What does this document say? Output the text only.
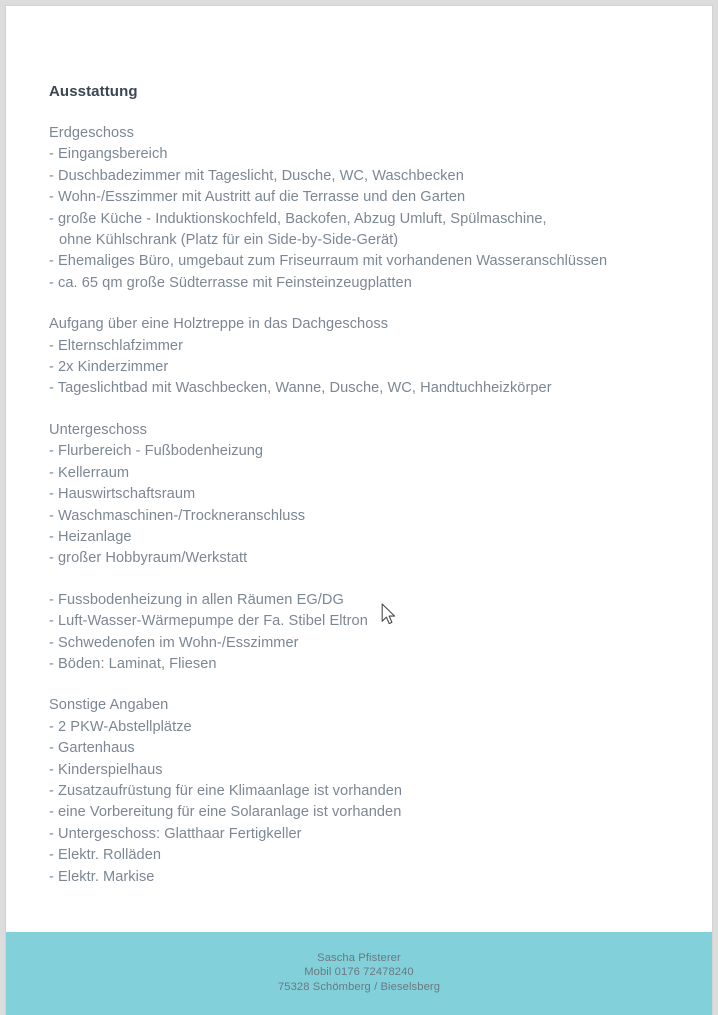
Ausstattung
Erdgeschoss
- Eingangsbereich
- Duschbadezimmer mit Tageslicht, Dusche, WC, Waschbecken
- Wohn-/Esszimmer mit Austritt auf die Terrasse und den Garten
- große Küche - Induktionskochfeld, Backofen, Abzug Umluft, Spülmaschine,
ohne Kühlschrank (Platz für ein Side-by-Side-Gerät)
- Ehemaliges Büro, umgebaut zum Friseurraum mit vorhandenen Wasseranschlüssen
- ca. 65 qm große Südterrasse mit Feinsteinzeugplatten
Aufgang über eine Holztreppe in das Dachgeschoss
- Elternschlafzimmer
- 2x Kinderzimmer
- Tageslichtbad mit Waschbecken, Wanne, Dusche, WC, Handtuchheizkörper
Untergeschoss
- Flurbereich - Fußbodenheizung
- Kellerraum
- Hauswirtschaftsraum
- Waschmaschinen-/Trockneranschluss
- Heizanlage
- großer Hobbyraum/Werkstatt
- Fussbodenheizung in allen Räumen EG/DG
- Luft-Wasser-Wärmepumpe der Fa. Stibel Eltron
- Schwedenofen im Wohn-/Esszimmer
- Böden: Laminat, Fliesen
Sonstige Angaben
- 2 PKW-Abstellplätze
- Gartenhaus
- Kinderspielhaus
- Zusatzaufrüstung für eine Klimaanlage ist vorhanden
- eine Vorbereitung für eine Solaranlage ist vorhanden
- Untergeschoss: Glatthaar Fertigkeller
- Elektr. Rolläden
- Elektr. Markise
Sascha Pfisterer
Mobil 0176 72478240
75328 Schömberg / Bieselsberg
